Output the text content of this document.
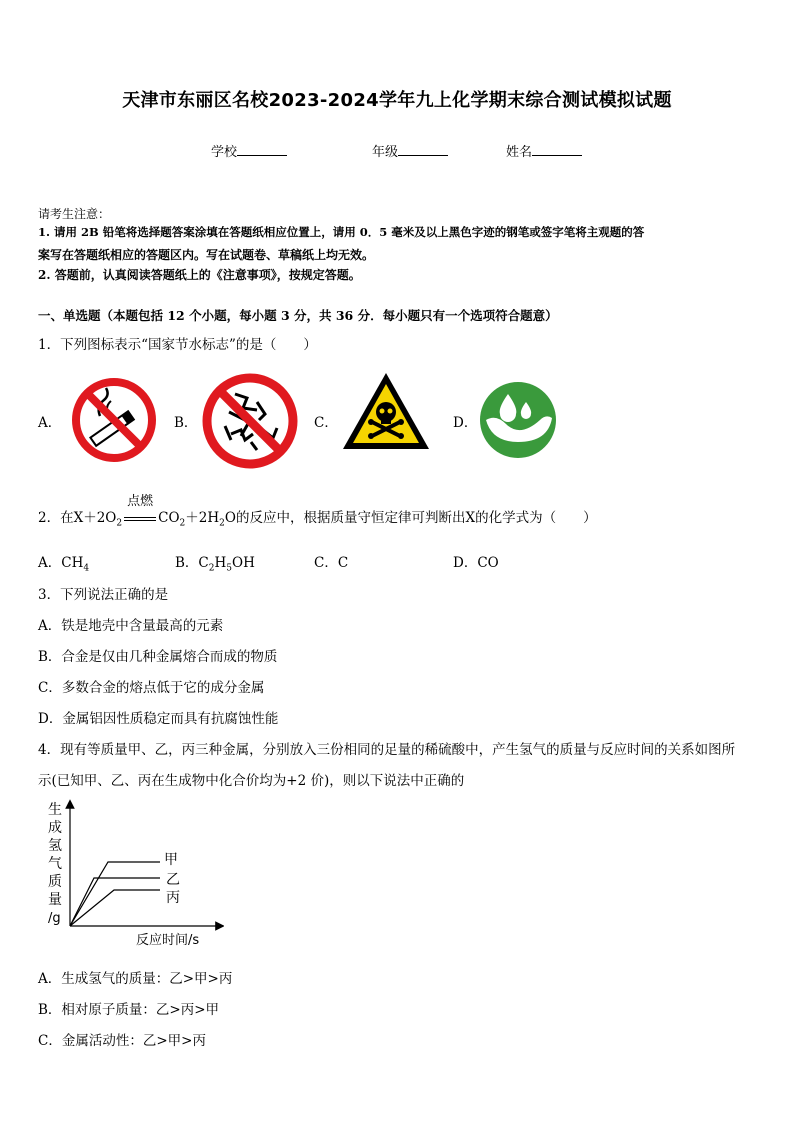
天津市东丽区名校2023-2024学年九上化学期末综合测试模拟试题
学校	年级	姓名
请考生注意：
1. 请用 2B 铅笔将选择题答案涂填在答题纸相应位置上，请用 0．5 毫米及以上黑色字迹的钢笔或签字笔将主观题的答
案写在答题纸相应的答题区内。写在试题卷、草稿纸上均无效。
2. 答题前，认真阅读答题纸上的《注意事项》，按规定答题。
一、单选题（本题包括 12 个小题，每小题 3 分，共 36 分．每小题只有一个选项符合题意）
1．下列图标表示“国家节水标志”的是（　　）
A．	B．	C．	D．
2．在$X+2O_2$
点燃
$CO_2+2H_2O$的反应中，根据质量守恒定律可判断出X的化学式为（　　）
A．$CH_4$	B．$C_2H_5OH$	C．C	D．CO
3．下列说法正确的是
A．铁是地壳中含量最高的元素
B．合金是仅由几种金属熔合而成的物质
C．多数合金的熔点低于它的成分金属
D．金属铝因性质稳定而具有抗腐蚀性能
4．现有等质量甲、乙，丙三种金属，分别放入三份相同的足量的稀硫酸中，产生氢气的质量与反应时间的关系如图所
示(已知甲、乙、丙在生成物中化合价均为+2 价)，则以下说法中正确的
甲
乙
丙
生
成
氢
气
质
量
/g
反应时间/s
A．生成氢气的质量：乙>甲>丙
B．相对原子质量：乙>丙>甲
C．金属活动性：乙>甲>丙
